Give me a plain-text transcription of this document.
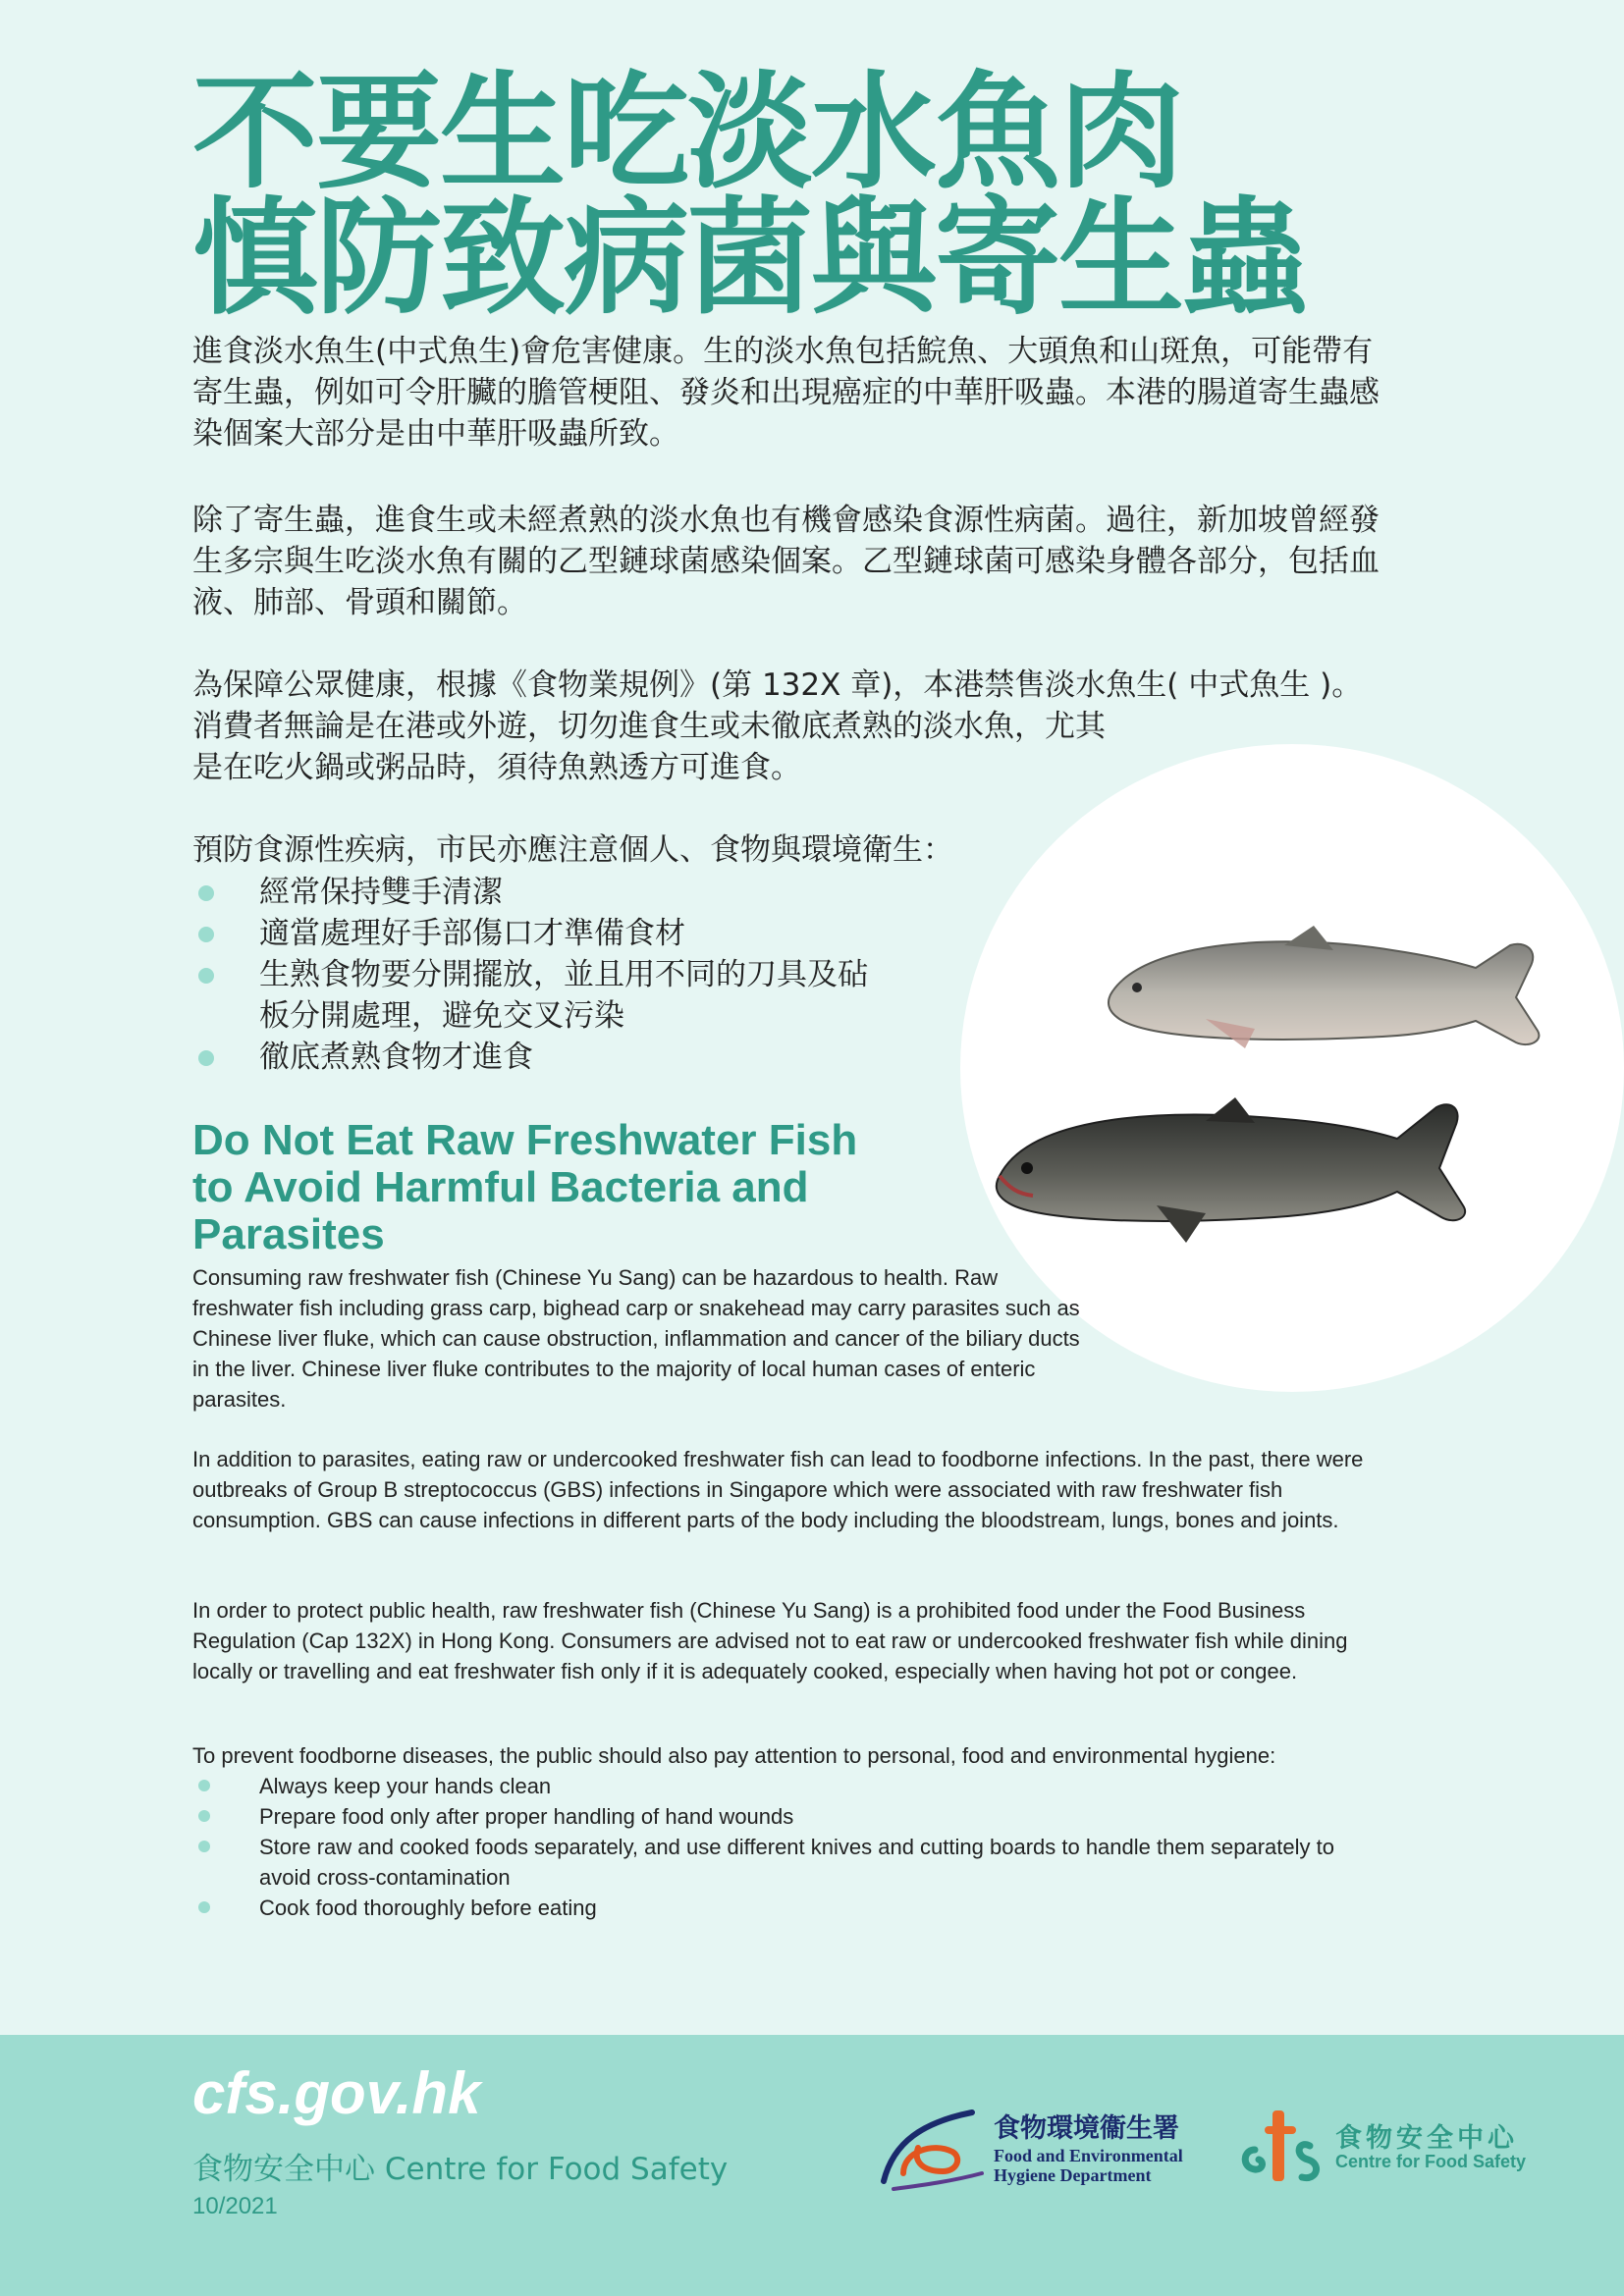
不要生吃淡水魚肉
慎防致病菌與寄生蟲

進食淡水魚生(中式魚生)會危害健康。生的淡水魚包括鯇魚、大頭魚和山斑魚，可能帶有寄生蟲，例如可令肝臟的膽管梗阻、發炎和出現癌症的中華肝吸蟲。本港的腸道寄生蟲感染個案大部分是由中華肝吸蟲所致。

除了寄生蟲，進食生或未經煮熟的淡水魚也有機會感染食源性病菌。過往，新加坡曾經發生多宗與生吃淡水魚有關的乙型鏈球菌感染個案。乙型鏈球菌可感染身體各部分，包括血液、肺部、骨頭和關節。

為保障公眾健康，根據《食物業規例》(第 132X 章)，本港禁售淡水魚生( 中式魚生 )。
消費者無論是在港或外遊，切勿進食生或未徹底煮熟的淡水魚，尤其
是在吃火鍋或粥品時，須待魚熟透方可進食。

預防食源性疾病，市民亦應注意個人、食物與環境衛生：

經常保持雙手清潔
適當處理好手部傷口才準備食材
生熟食物要分開擺放，並且用不同的刀具及砧板分開處理，避免交叉污染
徹底煮熟食物才進食
Do Not Eat Raw Freshwater Fish
to Avoid Harmful Bacteria and
Parasites

Consuming raw freshwater fish (Chinese Yu Sang) can be hazardous to health. Raw freshwater fish including grass carp, bighead carp or snakehead may carry parasites such as Chinese liver fluke, which can cause obstruction, inflammation and cancer of the biliary ducts in the liver. Chinese liver fluke contributes to the majority of local human cases of enteric parasites.

In addition to parasites, eating raw or undercooked freshwater fish can lead to foodborne infections. In the past, there were outbreaks of Group B streptococcus (GBS) infections in Singapore which were associated with raw freshwater fish consumption. GBS can cause infections in different parts of the body including the bloodstream, lungs, bones and joints.

In order to protect public health, raw freshwater fish (Chinese Yu Sang) is a prohibited food under the Food Business Regulation (Cap 132X) in Hong Kong. Consumers are advised not to eat raw or undercooked freshwater fish while dining locally or travelling and eat freshwater fish only if it is adequately cooked, especially when having hot pot or congee.

To prevent foodborne diseases, the public should also pay attention to personal, food and environmental hygiene:

Always keep your hands clean
Prepare food only after proper handling of hand wounds
Store raw and cooked foods separately, and use different knives and cutting boards to handle them separately to avoid cross-contamination
Cook food thoroughly before eating
cfs.gov.hk
食物安全中心 Centre for Food Safety
10/2021
食物環境衞生署
Food and Environmental
Hygiene Department
食物安全中心
Centre for Food Safety
